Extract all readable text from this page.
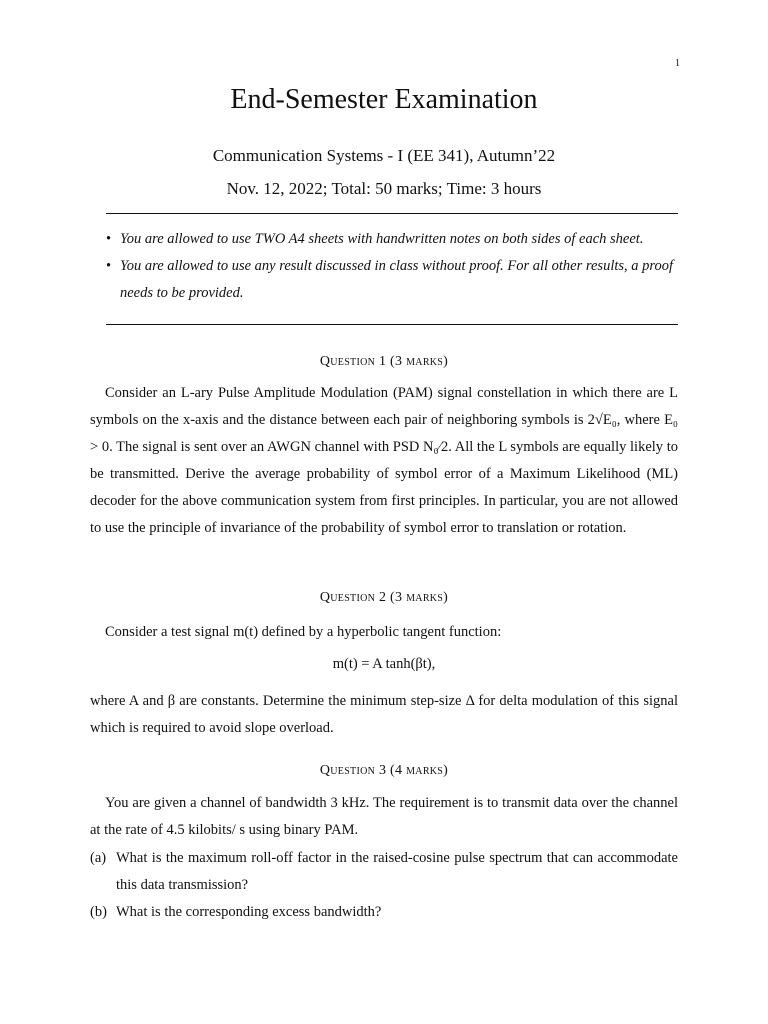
1
End-Semester Examination
Communication Systems - I (EE 341), Autumn’22
Nov. 12, 2022; Total: 50 marks; Time: 3 hours
• You are allowed to use TWO A4 sheets with handwritten notes on both sides of each sheet.
• You are allowed to use any result discussed in class without proof. For all other results, a proof needs to be provided.
Question 1 (3 marks)

Consider an L-ary Pulse Amplitude Modulation (PAM) signal constellation in which there are L symbols on the x-axis and the distance between each pair of neighboring symbols is 2√E₀, where E₀ > 0. The signal is sent over an AWGN channel with PSD N₀⁄2. All the L symbols are equally likely to be transmitted. Derive the average probability of symbol error of a Maximum Likelihood (ML) decoder for the above communication system from first principles. In particular, you are not allowed to use the principle of invariance of the probability of symbol error to translation or rotation.

Question 2 (3 marks)

Consider a test signal m(t) defined by a hyperbolic tangent function:

m(t) = A tanh(βt),

where A and β are constants. Determine the minimum step-size Δ for delta modulation of this signal which is required to avoid slope overload.

Question 3 (4 marks)

You are given a channel of bandwidth 3 kHz. The requirement is to transmit data over the channel at the rate of 4.5 kilobits/ s using binary PAM.

(a) What is the maximum roll-off factor in the raised-cosine pulse spectrum that can accommodate this data transmission?
(b) What is the corresponding excess bandwidth?
